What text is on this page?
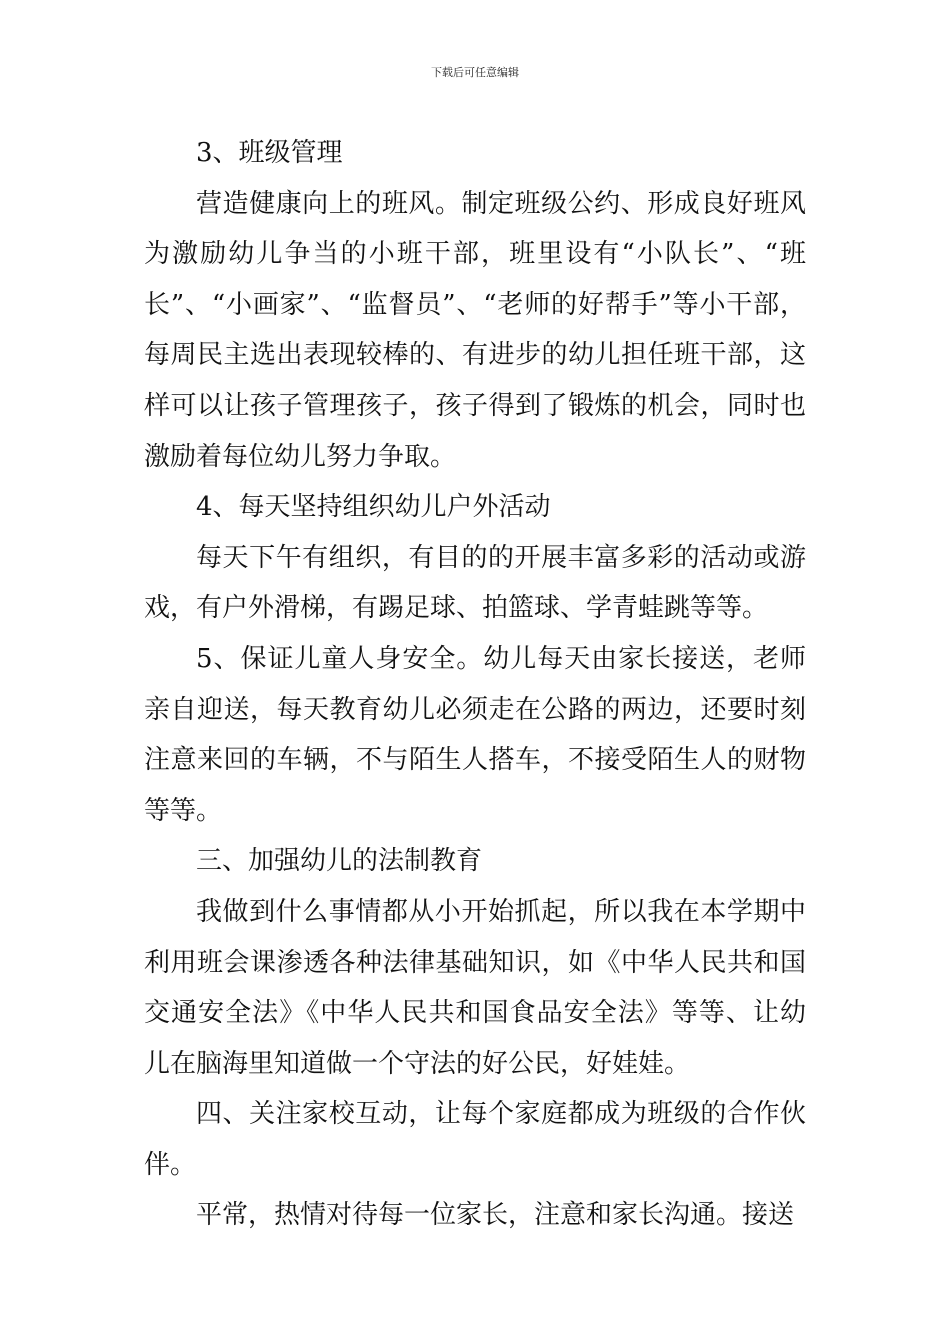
下载后可任意编辑

3、班级管理

营造健康向上的班风。制定班级公约、形成良好班风为激励幼儿争当的小班干部，班里设有“小队长”、“班长”、“小画家”、“监督员”、“老师的好帮手”等小干部，每周民主选出表现较棒的、有进步的幼儿担任班干部，这样可以让孩子管理孩子，孩子得到了锻炼的机会，同时也激励着每位幼儿努力争取。

4、每天坚持组织幼儿户外活动

每天下午有组织，有目的的开展丰富多彩的活动或游戏，有户外滑梯，有踢足球、拍篮球、学青蛙跳等等。

5、保证儿童人身安全。幼儿每天由家长接送，老师亲自迎送，每天教育幼儿必须走在公路的两边，还要时刻注意来回的车辆，不与陌生人搭车，不接受陌生人的财物等等。

三、加强幼儿的法制教育

我做到什么事情都从小开始抓起，所以我在本学期中利用班会课渗透各种法律基础知识，如《中华人民共和国交通安全法》《中华人民共和国食品安全法》等等、让幼儿在脑海里知道做一个守法的好公民，好娃娃。

四、关注家校互动，让每个家庭都成为班级的合作伙伴。

平常，热情对待每一位家长，注意和家长沟通。接送
